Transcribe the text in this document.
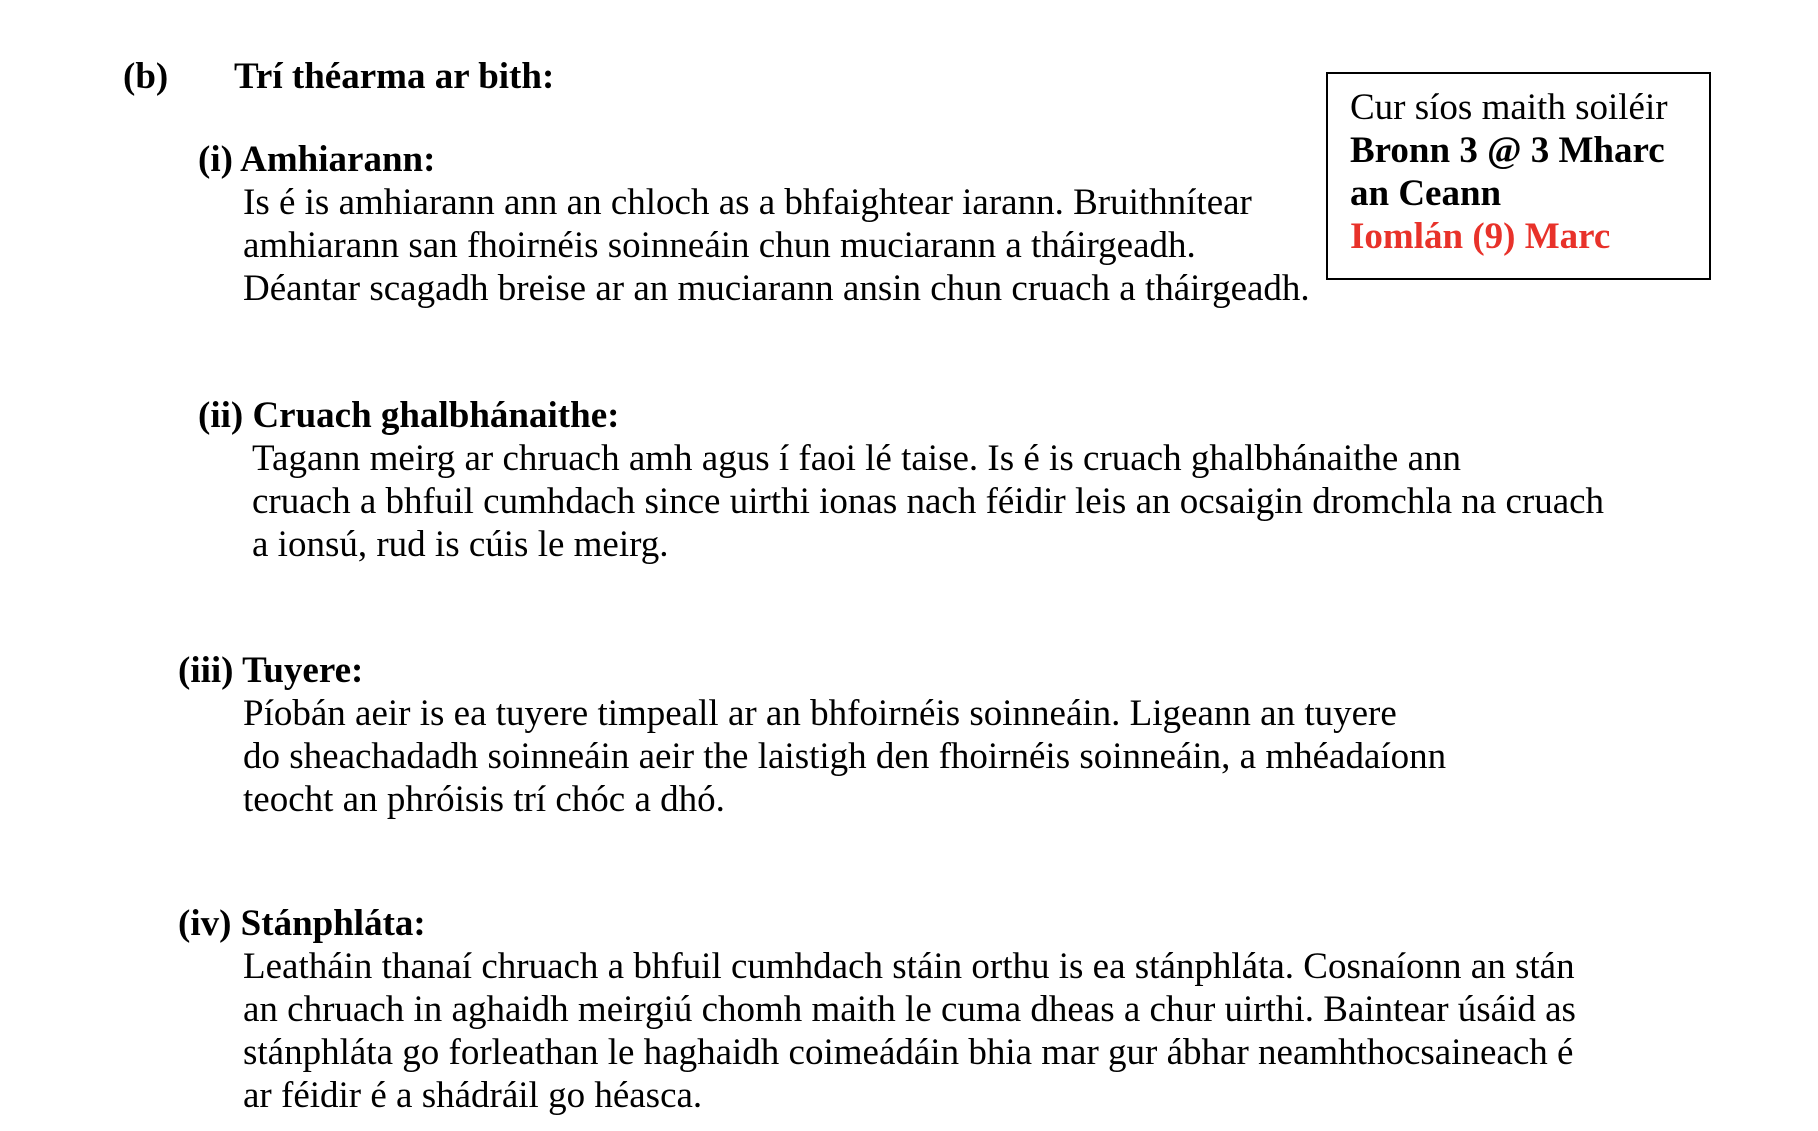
(b) Trí théarma ar bith:
Cur síos maith soiléir
Bronn 3 @ 3 Mharc
an Ceann
Iomlán (9) Marc
(i) Amhiarann:
Is é is amhiarann ann an chloch as a bhfaightear iarann. Bruithnítear
amhiarann san fhoirnéis soinneáin chun muciarann a tháirgeadh.
Déantar scagadh breise ar an muciarann ansin chun cruach a tháirgeadh.
(ii) Cruach ghalbhánaithe:
Tagann meirg ar chruach amh agus í faoi lé taise. Is é is cruach ghalbhánaithe ann
cruach a bhfuil cumhdach since uirthi ionas nach féidir leis an ocsaigin dromchla na cruach
a ionsú, rud is cúis le meirg.
(iii) Tuyere:
Píobán aeir is ea tuyere timpeall ar an bhfoirnéis soinneáin. Ligeann an tuyere
do sheachadadh soinneáin aeir the laistigh den fhoirnéis soinneáin, a mhéadaíonn
teocht an phróisis trí chóc a dhó.
(iv) Stánphláta:
Leatháin thanaí chruach a bhfuil cumhdach stáin orthu is ea stánphláta. Cosnaíonn an stán
an chruach in aghaidh meirgiú chomh maith le cuma dheas a chur uirthi. Baintear úsáid as
stánphláta go forleathan le haghaidh coimeádáin bhia mar gur ábhar neamhthocsaineach é
ar féidir é a shádráil go héasca.
